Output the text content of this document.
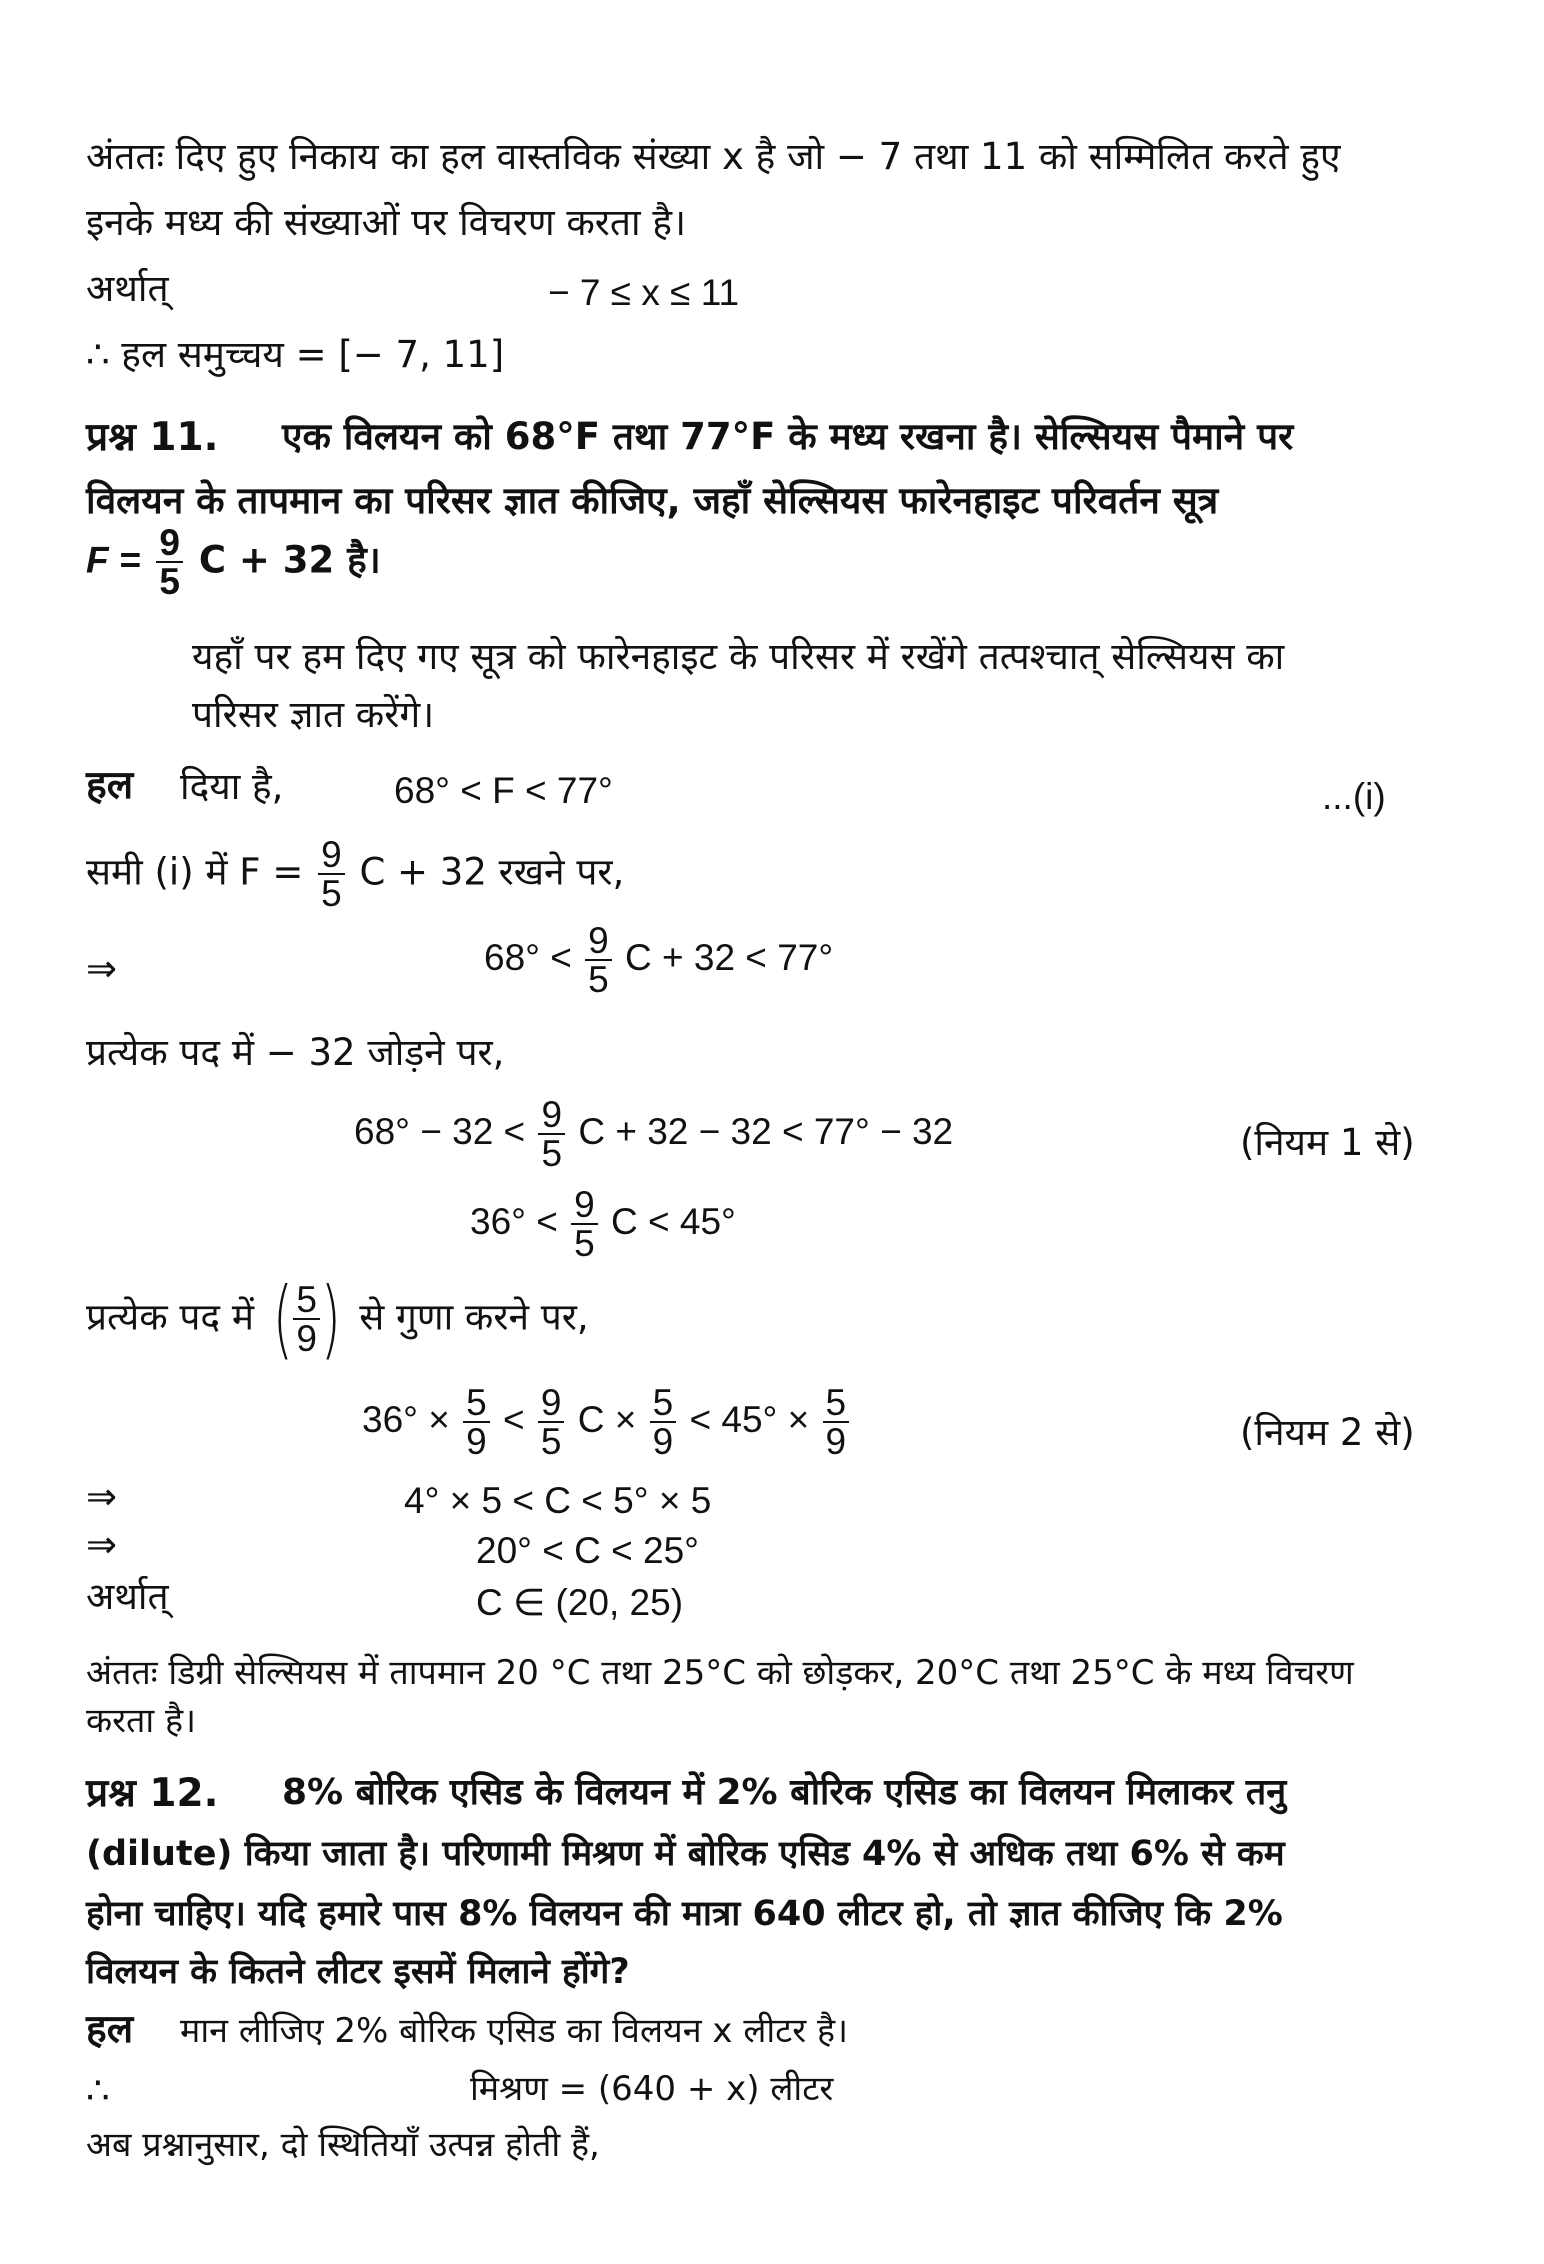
अंततः दिए हुए निकाय का हल वास्तविक संख्या x है जो − 7 तथा 11 को सम्मिलित करते हुए
इनके मध्य की संख्याओं पर विचरण करता है।
अर्थात्	− 7 ≤ x ≤ 11
∴ हल समुच्चय = [− 7, 11]
प्रश्न 11. एक विलयन को 68°F तथा 77°F के मध्य रखना है। सेल्सियस पैमाने पर
विलयन के तापमान का परिसर ज्ञात कीजिए, जहाँ सेल्सियस फारेनहाइट परिवर्तन सूत्र
$F = \frac{9}{5}$ C + 32 है।
यहाँ पर हम दिए गए सूत्र को फारेनहाइट के परिसर में रखेंगे तत्पश्चात् सेल्सियस का
परिसर ज्ञात करेंगे।
हल दिया है,	68° < F < 77°	...(i)
समी (i) में $F = \frac{9}{5}$ C + 32 रखने पर,
⇒	$68^\circ < \frac{9}{5}$ C + 32 < 77°
प्रत्येक पद में − 32 जोड़ने पर,
$68^\circ - 32 < \frac{9}{5}$ C + 32 − 32 < 77° − 32	(नियम 1 से)
$36^\circ < \frac{9}{5}$ C < 45°
प्रत्येक पद में ( $\frac{5}{9}$ ) से गुणा करने पर,
$36^\circ \times \frac{5}{9} < \frac{9}{5}$ $C \times \frac{5}{9} < 45^\circ \times \frac{5}{9}$	(नियम 2 से)
⇒	4° × 5 < C < 5° × 5
⇒	20° < C < 25°
अर्थात्	C ∈ (20, 25)
अंततः डिग्री सेल्सियस में तापमान 20 °C तथा 25°C को छोड़कर, 20°C तथा 25°C के मध्य विचरण
करता है।
प्रश्न 12. 8% बोरिक एसिड के विलयन में 2% बोरिक एसिड का विलयन मिलाकर तनु
(dilute) किया जाता है। परिणामी मिश्रण में बोरिक एसिड 4% से अधिक तथा 6% से कम
होना चाहिए। यदि हमारे पास 8% विलयन की मात्रा 640 लीटर हो, तो ज्ञात कीजिए कि 2%
विलयन के कितने लीटर इसमें मिलाने होंगे?
हल मान लीजिए 2% बोरिक एसिड का विलयन x लीटर है।
∴	मिश्रण = (640 + x) लीटर
अब प्रश्नानुसार, दो स्थितियाँ उत्पन्न होती हैं,
